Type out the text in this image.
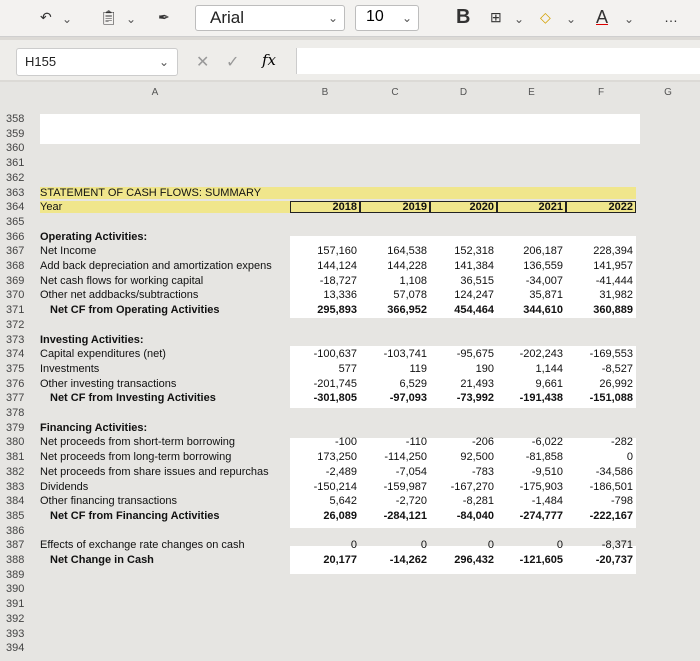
↶ ⌄ 📋︎ ⌄ ✒ Arial	⌄ 10 ⌄ B ⊞ ⌄ ◇ ⌄ A ⌄ …
H155	⌄ ✕ ✓ fx
A	B	C	D	E	F	G
358
359
360
361
362
365
372
378
386
389
390
391
392
393
394
363	STATEMENT OF CASH FLOWS: SUMMARY
364	Year	2018	2019	2020	2021	2022
366	Operating Activities:
367	Net Income	157,160	164,538	152,318	206,187	228,394
368	Add back depreciation and amortization expens	144,124	144,228	141,384	136,559	141,957
369	Net cash flows for working capital	-18,727	1,108	36,515	-34,007	-41,444
370	Other net addbacks/subtractions	13,336	57,078	124,247	35,871	31,982
371	Net CF from Operating Activities	295,893	366,952	454,464	344,610	360,889
373	Investing Activities:
374	Capital expenditures (net)	-100,637	-103,741	-95,675	-202,243	-169,553
375	Investments	577	119	190	1,144	-8,527
376	Other investing transactions	-201,745	6,529	21,493	9,661	26,992
377	Net CF from Investing Activities	-301,805	-97,093	-73,992	-191,438	-151,088
379	Financing Activities:
380	Net proceeds from short-term borrowing	-100	-110	-206	-6,022	-282
381	Net proceeds from long-term borrowing	173,250	-114,250	92,500	-81,858	0
382	Net proceeds from share issues and repurchas	-2,489	-7,054	-783	-9,510	-34,586
383	Dividends	-150,214	-159,987	-167,270	-175,903	-186,501
384	Other financing transactions	5,642	-2,720	-8,281	-1,484	-798
385	Net CF from Financing Activities	26,089	-284,121	-84,040	-274,777	-222,167
387	Effects of exchange rate changes on cash	0	0	0	0	-8,371
388	Net Change in Cash	20,177	-14,262	296,432	-121,605	-20,737
